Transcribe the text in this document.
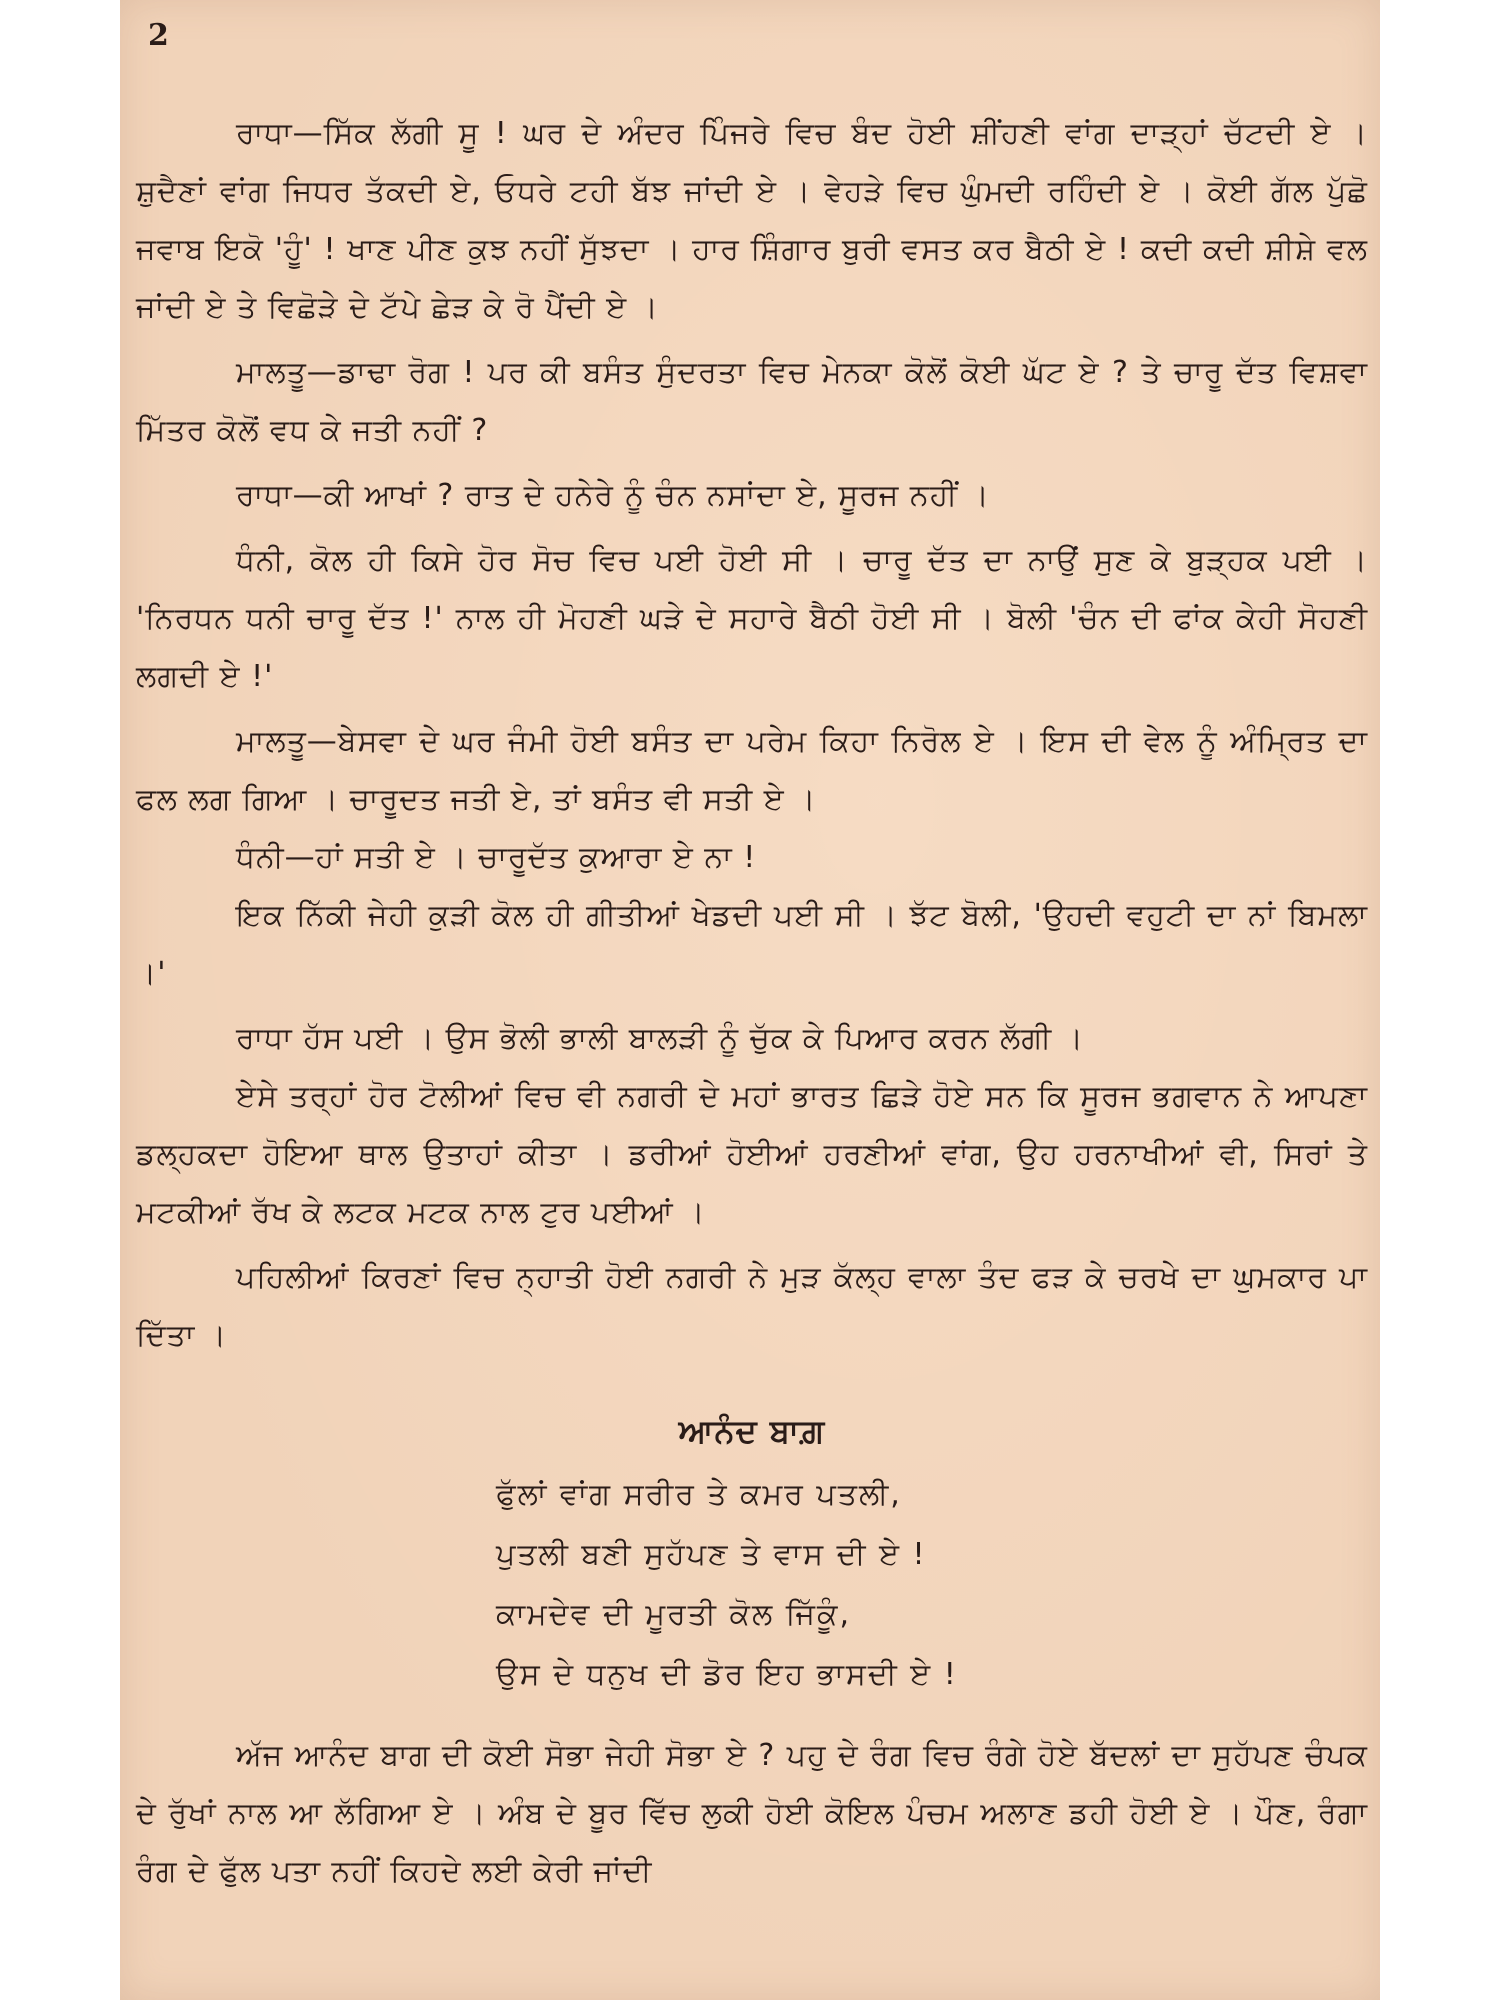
2

ਰਾਧਾ—ਸਿੱਕ ਲੱਗੀ ਸੂ ! ਘਰ ਦੇ ਅੰਦਰ ਪਿੰਜਰੇ ਵਿਚ ਬੰਦ ਹੋਈ ਸ਼ੀਂਹਣੀ ਵਾਂਗ ਦਾੜ੍ਹਾਂ ਚੱਟਦੀ ਏ । ਸ਼ੁਦੈਣਾਂ ਵਾਂਗ ਜਿਧਰ ਤੱਕਦੀ ਏ, ਓਧਰੇ ਟਹੀ ਬੱਝ ਜਾਂਦੀ ਏ । ਵੇਹੜੇ ਵਿਚ ਘੁੰਮਦੀ ਰਹਿੰਦੀ ਏ । ਕੋਈ ਗੱਲ ਪੁੱਛੋ ਜਵਾਬ ਇਕੋ 'ਹੂੰ' ! ਖਾਣ ਪੀਣ ਕੁਝ ਨਹੀਂ ਸੁੱਝਦਾ । ਹਾਰ ਸ਼ਿੰਗਾਰ ਬੁਰੀ ਵਸਤ ਕਰ ਬੈਠੀ ਏ ! ਕਦੀ ਕਦੀ ਸ਼ੀਸ਼ੇ ਵਲ ਜਾਂਦੀ ਏ ਤੇ ਵਿਛੋੜੇ ਦੇ ਟੱਪੇ ਛੇੜ ਕੇ ਰੋ ਪੈਂਦੀ ਏ ।

ਮਾਲਤੂ—ਡਾਢਾ ਰੋਗ ! ਪਰ ਕੀ ਬਸੰਤ ਸੁੰਦਰਤਾ ਵਿਚ ਮੇਨਕਾ ਕੋਲੋਂ ਕੋਈ ਘੱਟ ਏ ? ਤੇ ਚਾਰੂ ਦੱਤ ਵਿਸ਼ਵਾ ਮਿੱਤਰ ਕੋਲੋਂ ਵਧ ਕੇ ਜਤੀ ਨਹੀਂ ?

ਰਾਧਾ—ਕੀ ਆਖਾਂ ? ਰਾਤ ਦੇ ਹਨੇਰੇ ਨੂੰ ਚੰਨ ਨਸਾਂਦਾ ਏ, ਸੂਰਜ ਨਹੀਂ ।

ਧੰਨੀ, ਕੋਲ ਹੀ ਕਿਸੇ ਹੋਰ ਸੋਚ ਵਿਚ ਪਈ ਹੋਈ ਸੀ । ਚਾਰੂ ਦੱਤ ਦਾ ਨਾਉਂ ਸੁਣ ਕੇ ਬੁੜ੍ਹਕ ਪਈ । 'ਨਿਰਧਨ ਧਨੀ ਚਾਰੂ ਦੱਤ !' ਨਾਲ ਹੀ ਮੋਹਣੀ ਘੜੇ ਦੇ ਸਹਾਰੇ ਬੈਠੀ ਹੋਈ ਸੀ । ਬੋਲੀ 'ਚੰਨ ਦੀ ਫਾਂਕ ਕੇਹੀ ਸੋਹਣੀ ਲਗਦੀ ਏ !'

ਮਾਲਤੂ—ਬੇਸਵਾ ਦੇ ਘਰ ਜੰਮੀ ਹੋਈ ਬਸੰਤ ਦਾ ਪਰੇਮ ਕਿਹਾ ਨਿਰੋਲ ਏ । ਇਸ ਦੀ ਵੇਲ ਨੂੰ ਅੰਮ੍ਰਿਤ ਦਾ ਫਲ ਲਗ ਗਿਆ । ਚਾਰੂਦਤ ਜਤੀ ਏ, ਤਾਂ ਬਸੰਤ ਵੀ ਸਤੀ ਏ ।

ਧੰਨੀ—ਹਾਂ ਸਤੀ ਏ । ਚਾਰੂਦੱਤ ਕੁਆਰਾ ਏ ਨਾ !

ਇਕ ਨਿੱਕੀ ਜੇਹੀ ਕੁੜੀ ਕੋਲ ਹੀ ਗੀਤੀਆਂ ਖੇਡਦੀ ਪਈ ਸੀ । ਝੱਟ ਬੋਲੀ, 'ਉਹਦੀ ਵਹੁਟੀ ਦਾ ਨਾਂ ਬਿਮਲਾ ।'

ਰਾਧਾ ਹੱਸ ਪਈ । ਉਸ ਭੋਲੀ ਭਾਲੀ ਬਾਲੜੀ ਨੂੰ ਚੁੱਕ ਕੇ ਪਿਆਰ ਕਰਨ ਲੱਗੀ ।

ਏਸੇ ਤਰ੍ਹਾਂ ਹੋਰ ਟੋਲੀਆਂ ਵਿਚ ਵੀ ਨਗਰੀ ਦੇ ਮਹਾਂ ਭਾਰਤ ਛਿੜੇ ਹੋਏ ਸਨ ਕਿ ਸੂਰਜ ਭਗਵਾਨ ਨੇ ਆਪਣਾ ਡਲ੍ਹਕਦਾ ਹੋਇਆ ਥਾਲ ਉਤਾਹਾਂ ਕੀਤਾ । ਡਰੀਆਂ ਹੋਈਆਂ ਹਰਣੀਆਂ ਵਾਂਗ, ਉਹ ਹਰਨਾਖੀਆਂ ਵੀ, ਸਿਰਾਂ ਤੇ ਮਟਕੀਆਂ ਰੱਖ ਕੇ ਲਟਕ ਮਟਕ ਨਾਲ ਟੁਰ ਪਈਆਂ ।

ਪਹਿਲੀਆਂ ਕਿਰਣਾਂ ਵਿਚ ਨ੍ਹਾਤੀ ਹੋਈ ਨਗਰੀ ਨੇ ਮੁੜ ਕੱਲ੍ਹ ਵਾਲਾ ਤੰਦ ਫੜ ਕੇ ਚਰਖੇ ਦਾ ਘੁਮਕਾਰ ਪਾ ਦਿੱਤਾ ।

ਆਨੰਦ ਬਾਗ਼
ਫੁੱਲਾਂ ਵਾਂਗ ਸਰੀਰ ਤੇ ਕਮਰ ਪਤਲੀ,
ਪੁਤਲੀ ਬਣੀ ਸੁਹੱਪਣ ਤੇ ਵਾਸ ਦੀ ਏ !
ਕਾਮਦੇਵ ਦੀ ਮੂਰਤੀ ਕੋਲ ਜਿੱਕੂੰ,
ਉਸ ਦੇ ਧਨੁਖ ਦੀ ਡੋਰ ਇਹ ਭਾਸਦੀ ਏ !

ਅੱਜ ਆਨੰਦ ਬਾਗ ਦੀ ਕੋਈ ਸੋਭਾ ਜੇਹੀ ਸੋਭਾ ਏ ? ਪਹੁ ਦੇ ਰੰਗ ਵਿਚ ਰੰਗੇ ਹੋਏ ਬੱਦਲਾਂ ਦਾ ਸੁਹੱਪਣ ਚੰਪਕ ਦੇ ਰੁੱਖਾਂ ਨਾਲ ਆ ਲੱਗਿਆ ਏ । ਅੰਬ ਦੇ ਬੂਰ ਵਿੱਚ ਲੁਕੀ ਹੋਈ ਕੋਇਲ ਪੰਚਮ ਅਲਾਣ ਡਹੀ ਹੋਈ ਏ । ਪੌਣ, ਰੰਗਾ ਰੰਗ ਦੇ ਫੁੱਲ ਪਤਾ ਨਹੀਂ ਕਿਹਦੇ ਲਈ ਕੇਰੀ ਜਾਂਦੀ
